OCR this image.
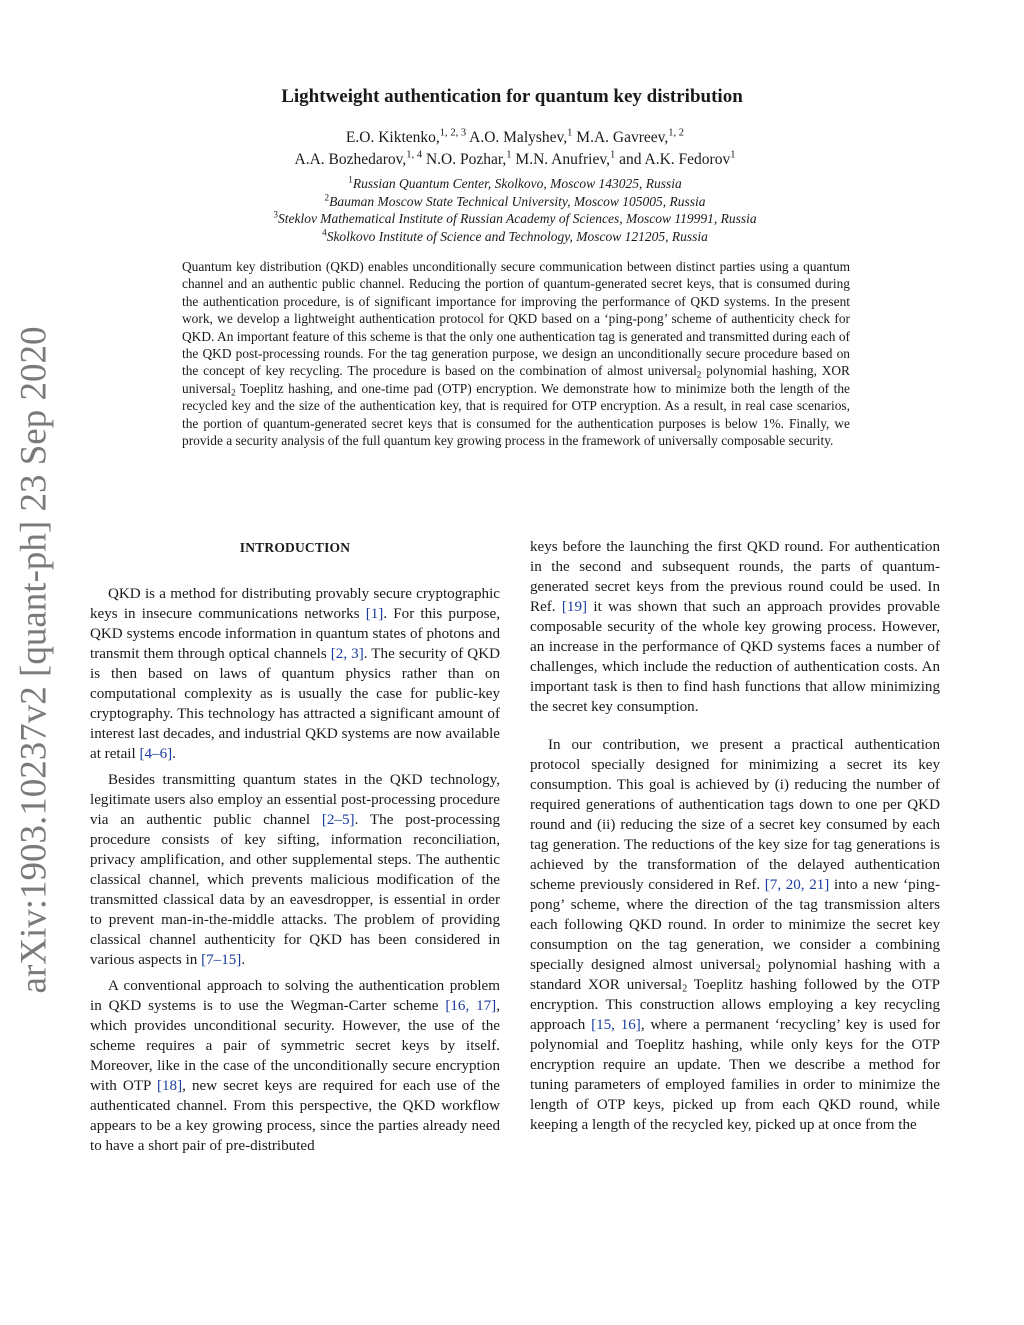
arXiv:1903.10237v2 [quant-ph] 23 Sep 2020
Lightweight authentication for quantum key distribution
E.O. Kiktenko,$^{1, 2, 3}$ A.O. Malyshev,$^1$ M.A. Gavreev,$^{1, 2}$
A.A. Bozhedarov,$^{1, 4}$ N.O. Pozhar,$^1$ M.N. Anufriev,$^1$ and A.K. Fedorov$^1$
$^1$Russian Quantum Center, Skolkovo, Moscow 143025, Russia
$^2$Bauman Moscow State Technical University, Moscow 105005, Russia
$^3$Steklov Mathematical Institute of Russian Academy of Sciences, Moscow 119991, Russia
$^4$Skolkovo Institute of Science and Technology, Moscow 121205, Russia
Quantum key distribution (QKD) enables unconditionally secure communication between distinct parties using a quantum channel and an authentic public channel. Reducing the portion of quantum-generated secret keys, that is consumed during the authentication procedure, is of significant importance for improving the performance of QKD systems. In the present work, we develop a lightweight authentication protocol for QKD based on a ‘ping-pong’ scheme of authenticity check for QKD. An important feature of this scheme is that the only one authentication tag is generated and transmitted during each of the QKD post-processing rounds. For the tag generation purpose, we design an unconditionally secure procedure based on the concept of key recycling. The procedure is based on the combination of almost universal$_2$ polynomial hashing, XOR universal$_2$ Toeplitz hashing, and one-time pad (OTP) encryption. We demonstrate how to minimize both the length of the recycled key and the size of the authentication key, that is required for OTP encryption. As a result, in real case scenarios, the portion of quantum-generated secret keys that is consumed for the authentication purposes is below 1%. Finally, we provide a security analysis of the full quantum key growing process in the framework of universally composable security.
INTRODUCTION

QKD is a method for distributing provably secure cryptographic keys in insecure communications networks [1]. For this purpose, QKD systems encode information in quantum states of photons and transmit them through optical channels [2, 3]. The security of QKD is then based on laws of quantum physics rather than on computational complexity as is usually the case for public-key cryptography. This technology has attracted a significant amount of interest last decades, and industrial QKD systems are now available at retail [4–6].

Besides transmitting quantum states in the QKD technology, legitimate users also employ an essential post-processing procedure via an authentic public channel [2–5]. The post-processing procedure consists of key sifting, information reconciliation, privacy amplification, and other supplemental steps. The authentic classical channel, which prevents malicious modification of the transmitted classical data by an eavesdropper, is essential in order to prevent man-in-the-middle attacks. The problem of providing classical channel authenticity for QKD has been considered in various aspects in [7–15].

A conventional approach to solving the authentication problem in QKD systems is to use the Wegman-Carter scheme [16, 17], which provides unconditional security. However, the use of the scheme requires a pair of symmetric secret keys by itself. Moreover, like in the case of the unconditionally secure encryption with OTP [18], new secret keys are required for each use of the authenticated channel. From this perspective, the QKD workflow appears to be a key growing process, since the parties already need to have a short pair of pre-distributed

keys before the launching the first QKD round. For authentication in the second and subsequent rounds, the parts of quantum-generated secret keys from the previous round could be used. In Ref. [19] it was shown that such an approach provides provable composable security of the whole key growing process. However, an increase in the performance of QKD systems faces a number of challenges, which include the reduction of authentication costs. An important task is then to find hash functions that allow minimizing the secret key consumption.

In our contribution, we present a practical authentication protocol specially designed for minimizing a secret its key consumption. This goal is achieved by (i) reducing the number of required generations of authentication tags down to one per QKD round and (ii) reducing the size of a secret key consumed by each tag generation. The reductions of the key size for tag generations is achieved by the transformation of the delayed authentication scheme previously considered in Ref. [7, 20, 21] into a new ‘ping-pong’ scheme, where the direction of the tag transmission alters each following QKD round. In order to minimize the secret key consumption on the tag generation, we consider a combining specially designed almost universal$_2$ polynomial hashing with a standard XOR universal$_2$ Toeplitz hashing followed by the OTP encryption. This construction allows employing a key recycling approach [15, 16], where a permanent ‘recycling’ key is used for polynomial and Toeplitz hashing, while only keys for the OTP encryption require an update. Then we describe a method for tuning parameters of employed families in order to minimize the length of OTP keys, picked up from each QKD round, while keeping a length of the recycled key, picked up at once from the
